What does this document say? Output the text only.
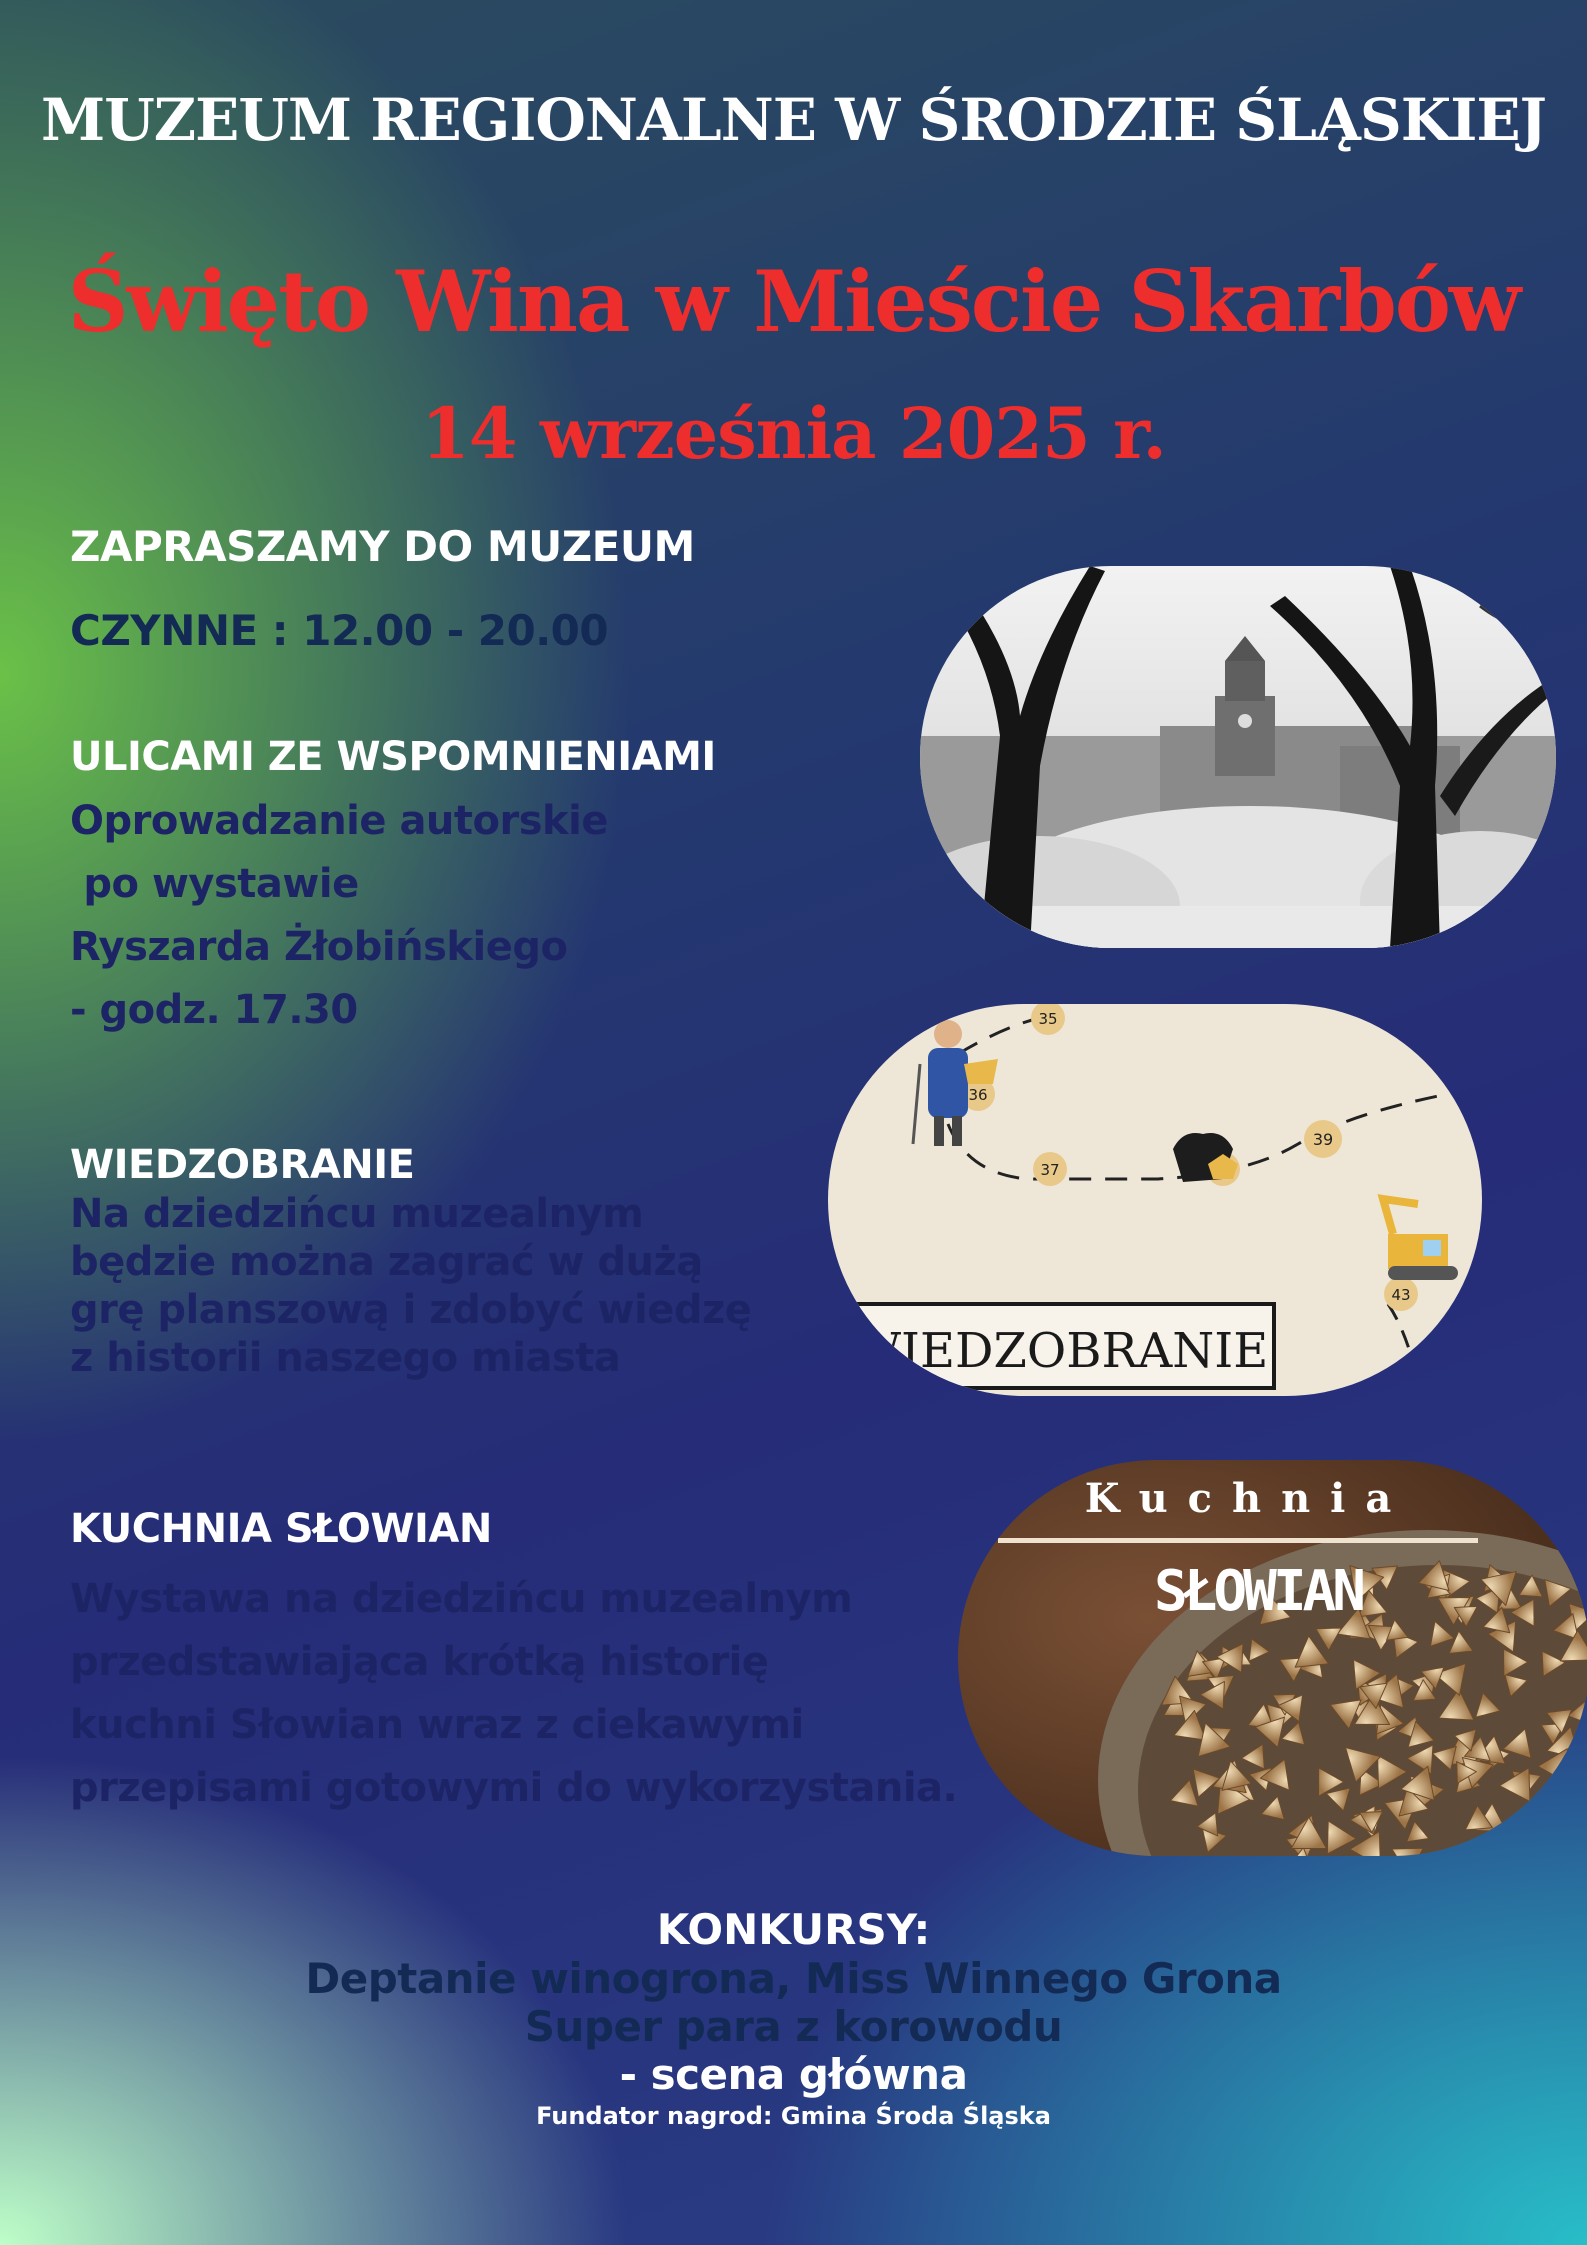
MUZEUM REGIONALNE W ŚRODZIE ŚLĄSKIEJ
Święto Wina w Mieście Skarbów
14 września 2025 r.
ZAPRASZAMY DO MUZEUM
CZYNNE : 12.00 - 20.00
ULICAMI ZE WSPOMNIENIAMI
Oprowadzanie autorskie
po wystawie
Ryszarda Żłobińskiego
- godz. 17.30
WIEDZOBRANIE
Na dziedzińcu muzealnym
będzie można zagrać w dużą
grę planszową i zdobyć wiedzę
z historii naszego miasta
KUCHNIA SŁOWIAN
Wystawa na dziedzińcu muzealnym
przedstawiająca krótką historię
kuchni Słowian wraz z ciekawymi
przepisami gotowymi do wykorzystania.
35
36
37
39
43
WIEDZOBRANIE
Kuchnia
SŁOWIAN
KONKURSY:
Deptanie winogrona, Miss Winnego Grona
Super para z korowodu
- scena główna
Fundator nagrod: Gmina Środa Śląska
